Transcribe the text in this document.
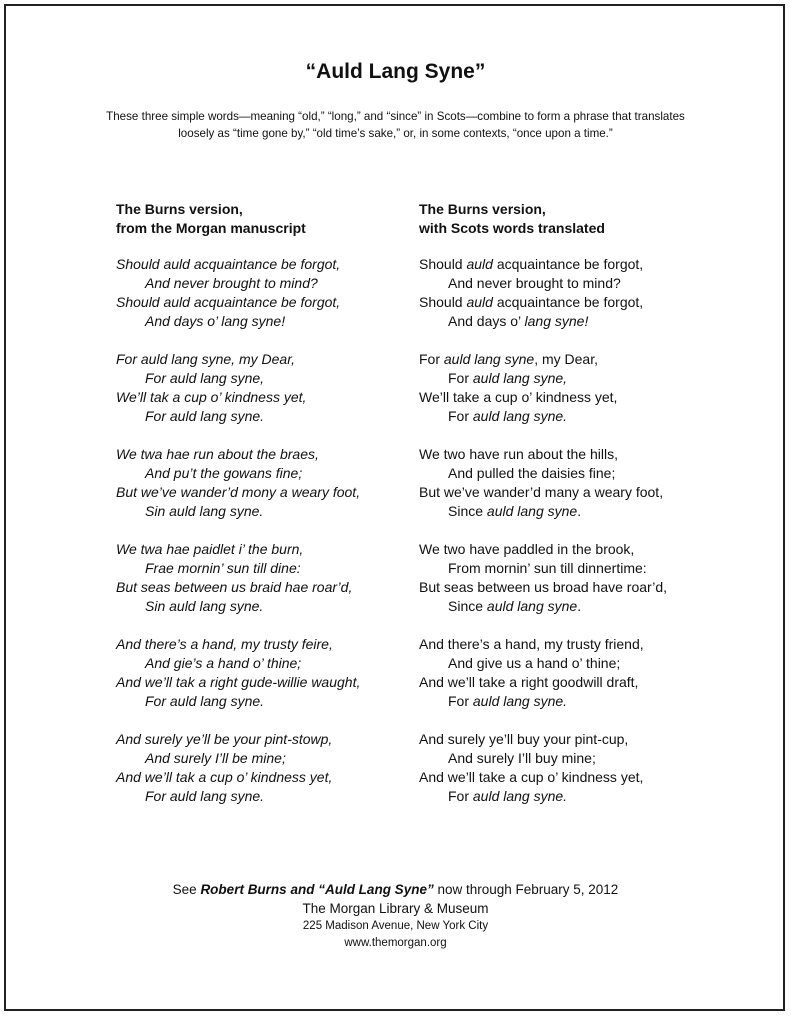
“Auld Lang Syne”

These three simple words—meaning “old,” “long,” and “since” in Scots—combine to form a phrase that translates loosely as “time gone by,” “old time’s sake,” or, in some contexts, “once upon a time.”

The Burns version,
from the Morgan manuscript
Should auld acquaintance be forgot,
And never brought to mind?
Should auld acquaintance be forgot,
And days o’ lang syne!
For auld lang syne, my Dear,
For auld lang syne,
We’ll tak a cup o’ kindness yet,
For auld lang syne.
We twa hae run about the braes,
And pu’t the gowans fine;
But we’ve wander’d mony a weary foot,
Sin auld lang syne.
We twa hae paidlet i’ the burn,
Frae mornin’ sun till dine:
But seas between us braid hae roar’d,
Sin auld lang syne.
And there’s a hand, my trusty feire,
And gie’s a hand o’ thine;
And we’ll tak a right gude-willie waught,
For auld lang syne.
And surely ye’ll be your pint-stowp,
And surely I’ll be mine;
And we’ll tak a cup o’ kindness yet,
For auld lang syne.
The Burns version,
with Scots words translated
Should auld acquaintance be forgot,
And never brought to mind?
Should auld acquaintance be forgot,
And days o’ lang syne!
For auld lang syne, my Dear,
For auld lang syne,
We’ll take a cup o’ kindness yet,
For auld lang syne.
We two have run about the hills,
And pulled the daisies fine;
But we’ve wander’d many a weary foot,
Since auld lang syne.
We two have paddled in the brook,
From mornin’ sun till dinnertime:
But seas between us broad have roar’d,
Since auld lang syne.
And there’s a hand, my trusty friend,
And give us a hand o’ thine;
And we’ll take a right goodwill draft,
For auld lang syne.
And surely ye’ll buy your pint-cup,
And surely I’ll buy mine;
And we’ll take a cup o’ kindness yet,
For auld lang syne.
See Robert Burns and “Auld Lang Syne” now through February 5, 2012
The Morgan Library & Museum
225 Madison Avenue, New York City
www.themorgan.org
